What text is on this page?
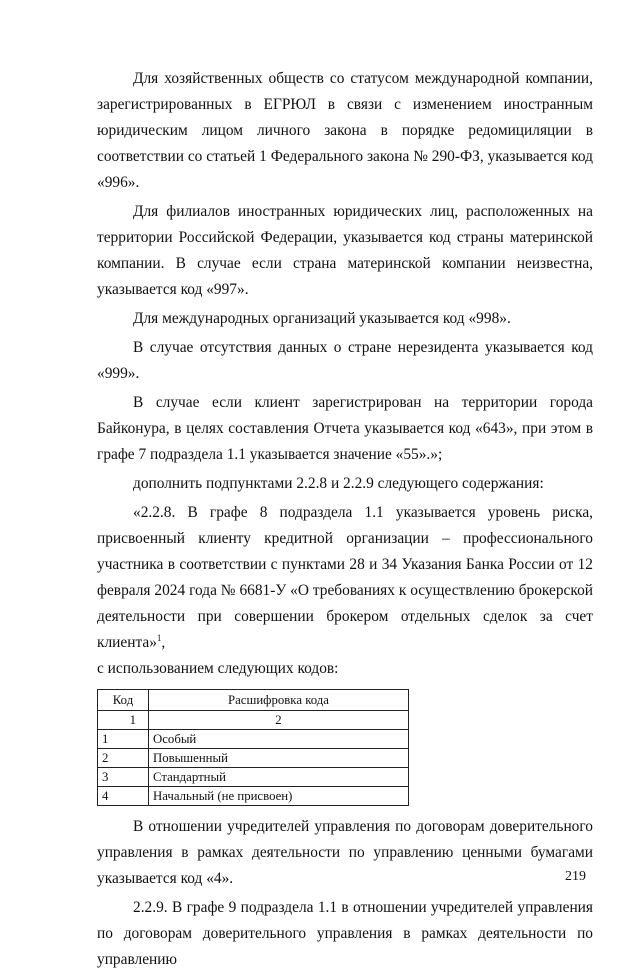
Для хозяйственных обществ со статусом международной компании, зарегистрированных в ЕГРЮЛ в связи с изменением иностранным юридическим лицом личного закона в порядке редомициляции в соответствии со статьей 1 Федерального закона № 290-ФЗ, указывается код «996».

Для филиалов иностранных юридических лиц, расположенных на территории Российской Федерации, указывается код страны материнской компании. В случае если страна материнской компании неизвестна, указывается код «997».

Для международных организаций указывается код «998».

В случае отсутствия данных о стране нерезидента указывается код «999».

В случае если клиент зарегистрирован на территории города Байконура, в целях составления Отчета указывается код «643», при этом в графе 7 подраздела 1.1 указывается значение «55».»;

дополнить подпунктами 2.2.8 и 2.2.9 следующего содержания:

«2.2.8. В графе 8 подраздела 1.1 указывается уровень риска, присвоенный клиенту кредитной организации – профессионального участника в соответствии с пунктами 28 и 34 Указания Банка России от 12 февраля 2024 года № 6681-У «О требованиях к осуществлению брокерской деятельности при совершении брокером отдельных сделок за счет клиента»$^1$,

с использованием следующих кодов:

Код	Расшифровка кода
1	2
1	Особый
2	Повышенный
3	Стандартный
4	Начальный (не присвоен)

В отношении учредителей управления по договорам доверительного управления в рамках деятельности по управлению ценными бумагами указывается код «4».

2.2.9. В графе 9 подраздела 1.1 в отношении учредителей управления по договорам доверительного управления в рамках деятельности по управлению

219
